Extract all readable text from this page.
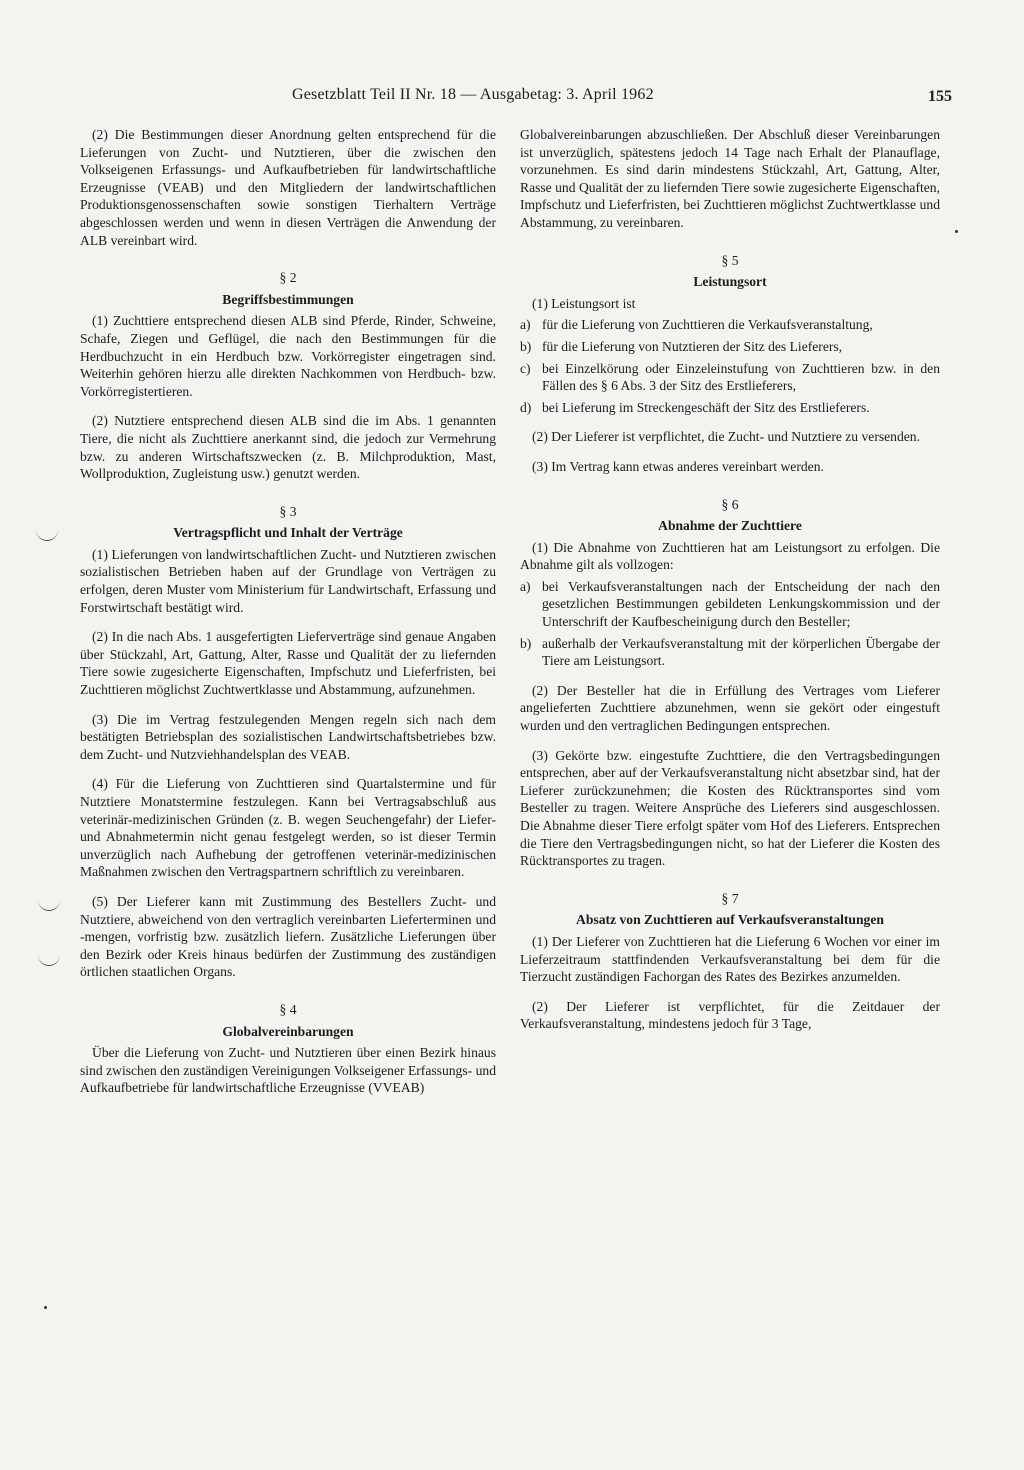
Gesetzblatt Teil II Nr. 18 — Ausgabetag: 3. April 1962	155

(2) Die Bestimmungen dieser Anordnung gelten entsprechend für die Lieferungen von Zucht- und Nutztieren, über die zwischen den Volkseigenen Erfassungs- und Aufkaufbetrieben für landwirtschaftliche Erzeugnisse (VEAB) und den Mitgliedern der landwirtschaftlichen Produktionsgenossenschaften sowie sonstigen Tierhaltern Verträge abgeschlossen werden und wenn in diesen Verträgen die Anwendung der ALB vereinbart wird.

§ 2
Begriffsbestimmungen

(1) Zuchttiere entsprechend diesen ALB sind Pferde, Rinder, Schweine, Schafe, Ziegen und Geflügel, die nach den Bestimmungen für die Herdbuchzucht in ein Herdbuch bzw. Vorkörregister eingetragen sind. Weiterhin gehören hierzu alle direkten Nachkommen von Herdbuch- bzw. Vorkörregistertieren.

(2) Nutztiere entsprechend diesen ALB sind die im Abs. 1 genannten Tiere, die nicht als Zuchttiere anerkannt sind, die jedoch zur Vermehrung bzw. zu anderen Wirtschaftszwecken (z. B. Milchproduktion, Mast, Wollproduktion, Zugleistung usw.) genutzt werden.

§ 3
Vertragspflicht und Inhalt der Verträge

(1) Lieferungen von landwirtschaftlichen Zucht- und Nutztieren zwischen sozialistischen Betrieben haben auf der Grundlage von Verträgen zu erfolgen, deren Muster vom Ministerium für Landwirtschaft, Erfassung und Forstwirtschaft bestätigt wird.

(2) In die nach Abs. 1 ausgefertigten Lieferverträge sind genaue Angaben über Stückzahl, Art, Gattung, Alter, Rasse und Qualität der zu liefernden Tiere sowie zugesicherte Eigenschaften, Impfschutz und Lieferfristen, bei Zuchttieren möglichst Zuchtwertklasse und Abstammung, aufzunehmen.

(3) Die im Vertrag festzulegenden Mengen regeln sich nach dem bestätigten Betriebsplan des sozialistischen Landwirtschaftsbetriebes bzw. dem Zucht- und Nutzviehhandelsplan des VEAB.

(4) Für die Lieferung von Zuchttieren sind Quartalstermine und für Nutztiere Monatstermine festzulegen. Kann bei Vertragsabschluß aus veterinär-medizinischen Gründen (z. B. wegen Seuchengefahr) der Liefer- und Abnahmetermin nicht genau festgelegt werden, so ist dieser Termin unverzüglich nach Aufhebung der getroffenen veterinär-medizinischen Maßnahmen zwischen den Vertragspartnern schriftlich zu vereinbaren.

(5) Der Lieferer kann mit Zustimmung des Bestellers Zucht- und Nutztiere, abweichend von den vertraglich vereinbarten Lieferterminen und -mengen, vorfristig bzw. zusätzlich liefern. Zusätzliche Lieferungen über den Bezirk oder Kreis hinaus bedürfen der Zustimmung des zuständigen örtlichen staatlichen Organs.

§ 4
Globalvereinbarungen

Über die Lieferung von Zucht- und Nutztieren über einen Bezirk hinaus sind zwischen den zuständigen Vereinigungen Volkseigener Erfassungs- und Aufkaufbetriebe für landwirtschaftliche Erzeugnisse (VVEAB)

Globalvereinbarungen abzuschließen. Der Abschluß dieser Vereinbarungen ist unverzüglich, spätestens jedoch 14 Tage nach Erhalt der Planauflage, vorzunehmen. Es sind darin mindestens Stückzahl, Art, Gattung, Alter, Rasse und Qualität der zu liefernden Tiere sowie zugesicherte Eigenschaften, Impfschutz und Lieferfristen, bei Zuchttieren möglichst Zuchtwertklasse und Abstammung, zu vereinbaren.

§ 5
Leistungsort

(1) Leistungsort ist

a) für die Lieferung von Zuchttieren die Verkaufsveranstaltung,
b) für die Lieferung von Nutztieren der Sitz des Lieferers,
c) bei Einzelkörung oder Einzeleinstufung von Zuchttieren bzw. in den Fällen des § 6 Abs. 3 der Sitz des Erstlieferers,
d) bei Lieferung im Streckengeschäft der Sitz des Erstlieferers.

(2) Der Lieferer ist verpflichtet, die Zucht- und Nutztiere zu versenden.

(3) Im Vertrag kann etwas anderes vereinbart werden.

§ 6
Abnahme der Zuchttiere

(1) Die Abnahme von Zuchttieren hat am Leistungsort zu erfolgen. Die Abnahme gilt als vollzogen:

a) bei Verkaufsveranstaltungen nach der Entscheidung der nach den gesetzlichen Bestimmungen gebildeten Lenkungskommission und der Unterschrift der Kaufbescheinigung durch den Besteller;
b) außerhalb der Verkaufsveranstaltung mit der körperlichen Übergabe der Tiere am Leistungsort.

(2) Der Besteller hat die in Erfüllung des Vertrages vom Lieferer angelieferten Zuchttiere abzunehmen, wenn sie gekört oder eingestuft wurden und den vertraglichen Bedingungen entsprechen.

(3) Gekörte bzw. eingestufte Zuchttiere, die den Vertragsbedingungen entsprechen, aber auf der Verkaufsveranstaltung nicht absetzbar sind, hat der Lieferer zurückzunehmen; die Kosten des Rücktransportes sind vom Besteller zu tragen. Weitere Ansprüche des Lieferers sind ausgeschlossen. Die Abnahme dieser Tiere erfolgt später vom Hof des Lieferers. Entsprechen die Tiere den Vertragsbedingungen nicht, so hat der Lieferer die Kosten des Rücktransportes zu tragen.

§ 7
Absatz von Zuchttieren auf Verkaufsveranstaltungen

(1) Der Lieferer von Zuchttieren hat die Lieferung 6 Wochen vor einer im Lieferzeitraum stattfindenden Verkaufsveranstaltung bei dem für die Tierzucht zuständigen Fachorgan des Rates des Bezirkes anzumelden.

(2) Der Lieferer ist verpflichtet, für die Zeitdauer der Verkaufsveranstaltung, mindestens jedoch für 3 Tage,
